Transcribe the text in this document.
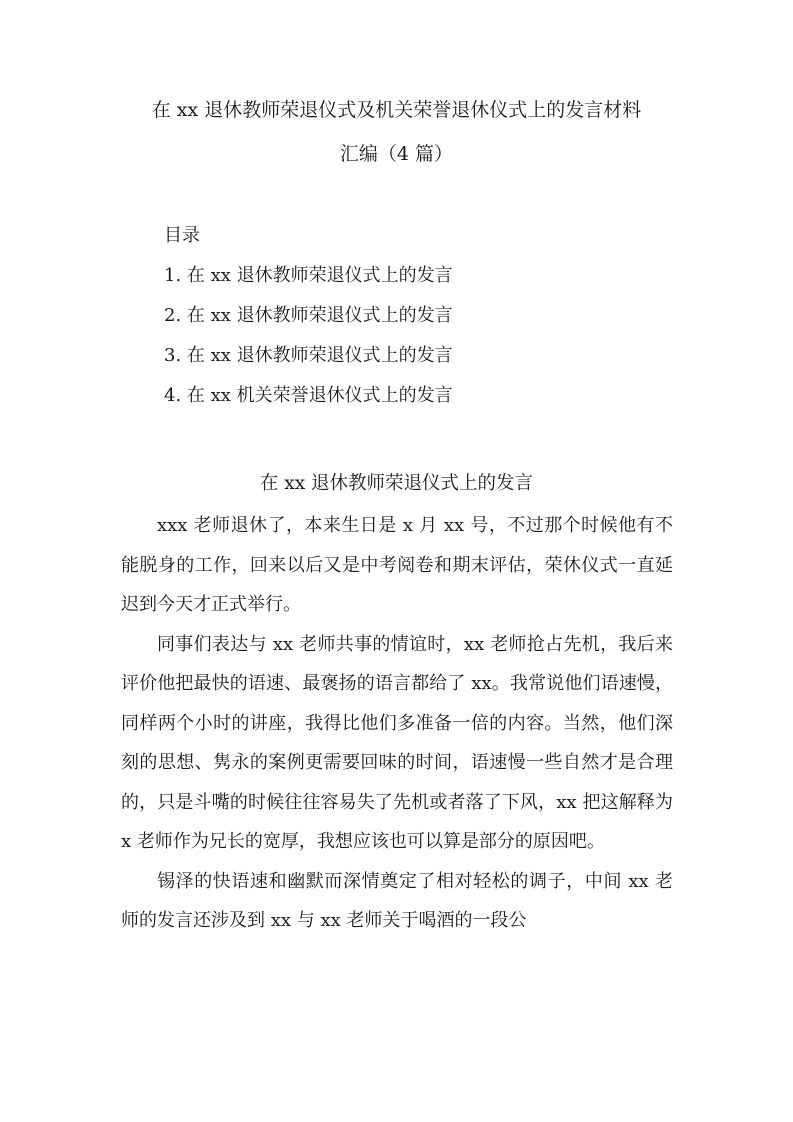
在 xx 退休教师荣退仪式及机关荣誉退休仪式上的发言材料
汇编（4 篇）
目录
1. 在 xx 退休教师荣退仪式上的发言
2. 在 xx 退休教师荣退仪式上的发言
3. 在 xx 退休教师荣退仪式上的发言
4. 在 xx 机关荣誉退休仪式上的发言
在 xx 退休教师荣退仪式上的发言

xxx 老师退休了，本来生日是 x 月 xx 号，不过那个时候他有不能脱身的工作，回来以后又是中考阅卷和期末评估，荣休仪式一直延迟到今天才正式举行。

同事们表达与 xx 老师共事的情谊时，xx 老师抢占先机，我后来评价他把最快的语速、最褒扬的语言都给了 xx。我常说他们语速慢，同样两个小时的讲座，我得比他们多准备一倍的内容。当然，他们深刻的思想、隽永的案例更需要回味的时间，语速慢一些自然才是合理的，只是斗嘴的时候往往容易失了先机或者落了下风，xx 把这解释为 x 老师作为兄长的宽厚，我想应该也可以算是部分的原因吧。

锡泽的快语速和幽默而深情奠定了相对轻松的调子，中间 xx 老师的发言还涉及到 xx 与 xx 老师关于喝酒的一段公
